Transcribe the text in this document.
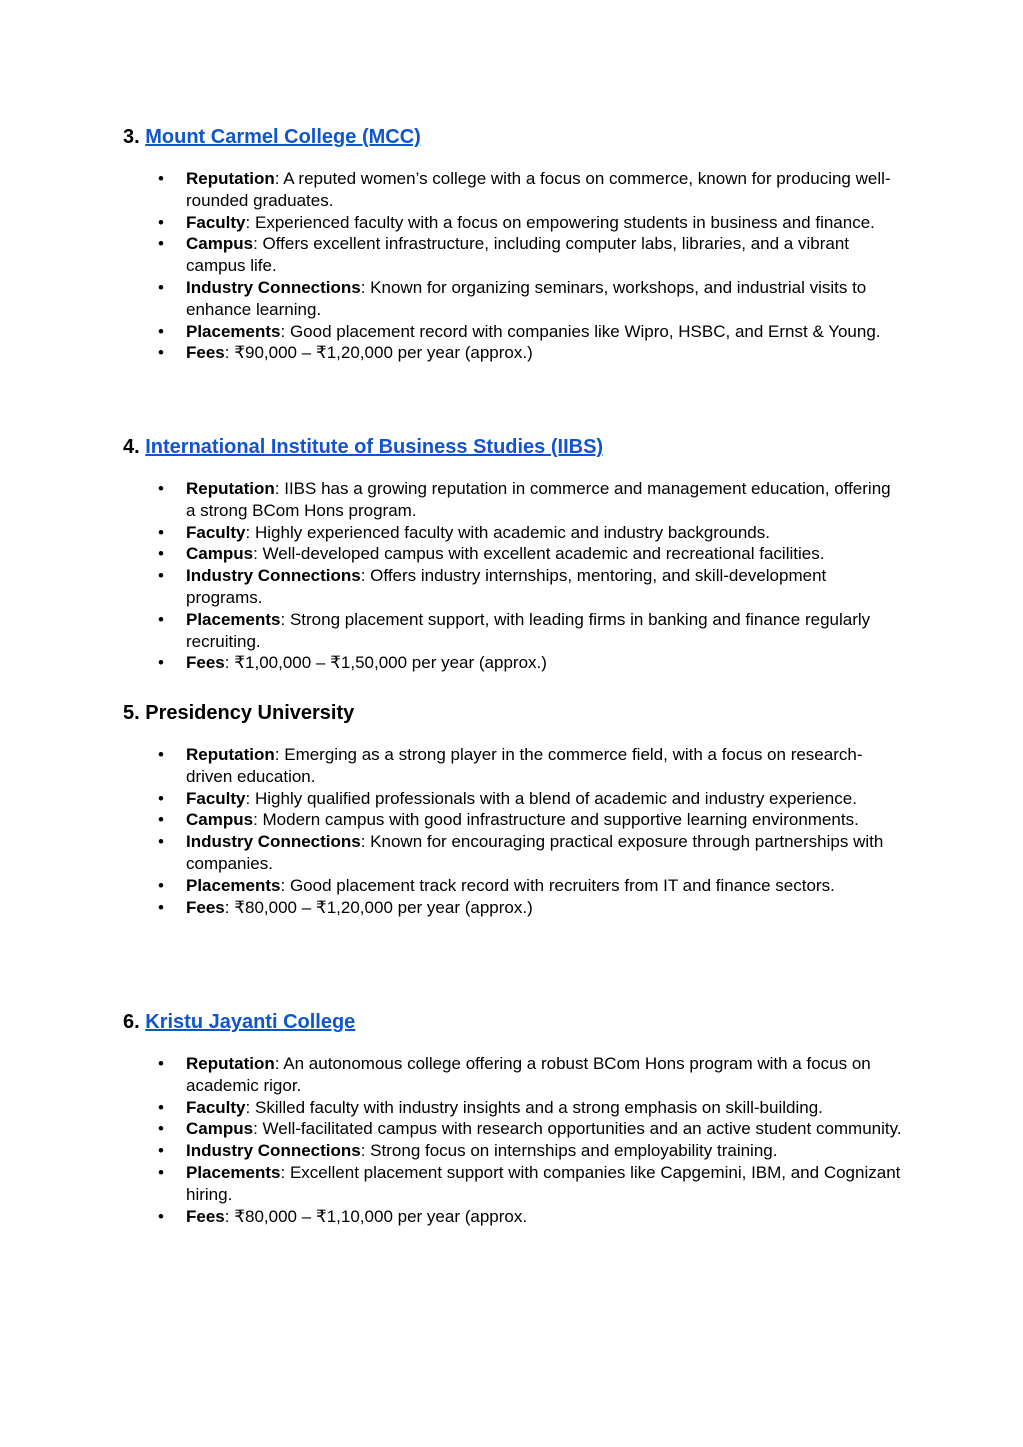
3. Mount Carmel College (MCC)
• Reputation: A reputed women’s college with a focus on commerce, known for producing well-rounded graduates.
• Faculty: Experienced faculty with a focus on empowering students in business and finance.
• Campus: Offers excellent infrastructure, including computer labs, libraries, and a vibrant campus life.
• Industry Connections: Known for organizing seminars, workshops, and industrial visits to enhance learning.
• Placements: Good placement record with companies like Wipro, HSBC, and Ernst & Young.
• Fees: ₹90,000 – ₹1,20,000 per year (approx.)
4. International Institute of Business Studies (IIBS)
• Reputation: IIBS has a growing reputation in commerce and management education, offering a strong BCom Hons program.
• Faculty: Highly experienced faculty with academic and industry backgrounds.
• Campus: Well-developed campus with excellent academic and recreational facilities.
• Industry Connections: Offers industry internships, mentoring, and skill-development programs.
• Placements: Strong placement support, with leading firms in banking and finance regularly recruiting.
• Fees: ₹1,00,000 – ₹1,50,000 per year (approx.)
5. Presidency University
• Reputation: Emerging as a strong player in the commerce field, with a focus on research-driven education.
• Faculty: Highly qualified professionals with a blend of academic and industry experience.
• Campus: Modern campus with good infrastructure and supportive learning environments.
• Industry Connections: Known for encouraging practical exposure through partnerships with companies.
• Placements: Good placement track record with recruiters from IT and finance sectors.
• Fees: ₹80,000 – ₹1,20,000 per year (approx.)
6. Kristu Jayanti College
• Reputation: An autonomous college offering a robust BCom Hons program with a focus on academic rigor.
• Faculty: Skilled faculty with industry insights and a strong emphasis on skill-building.
• Campus: Well-facilitated campus with research opportunities and an active student community.
• Industry Connections: Strong focus on internships and employability training.
• Placements: Excellent placement support with companies like Capgemini, IBM, and Cognizant hiring.
• Fees: ₹80,000 – ₹1,10,000 per year (approx.
